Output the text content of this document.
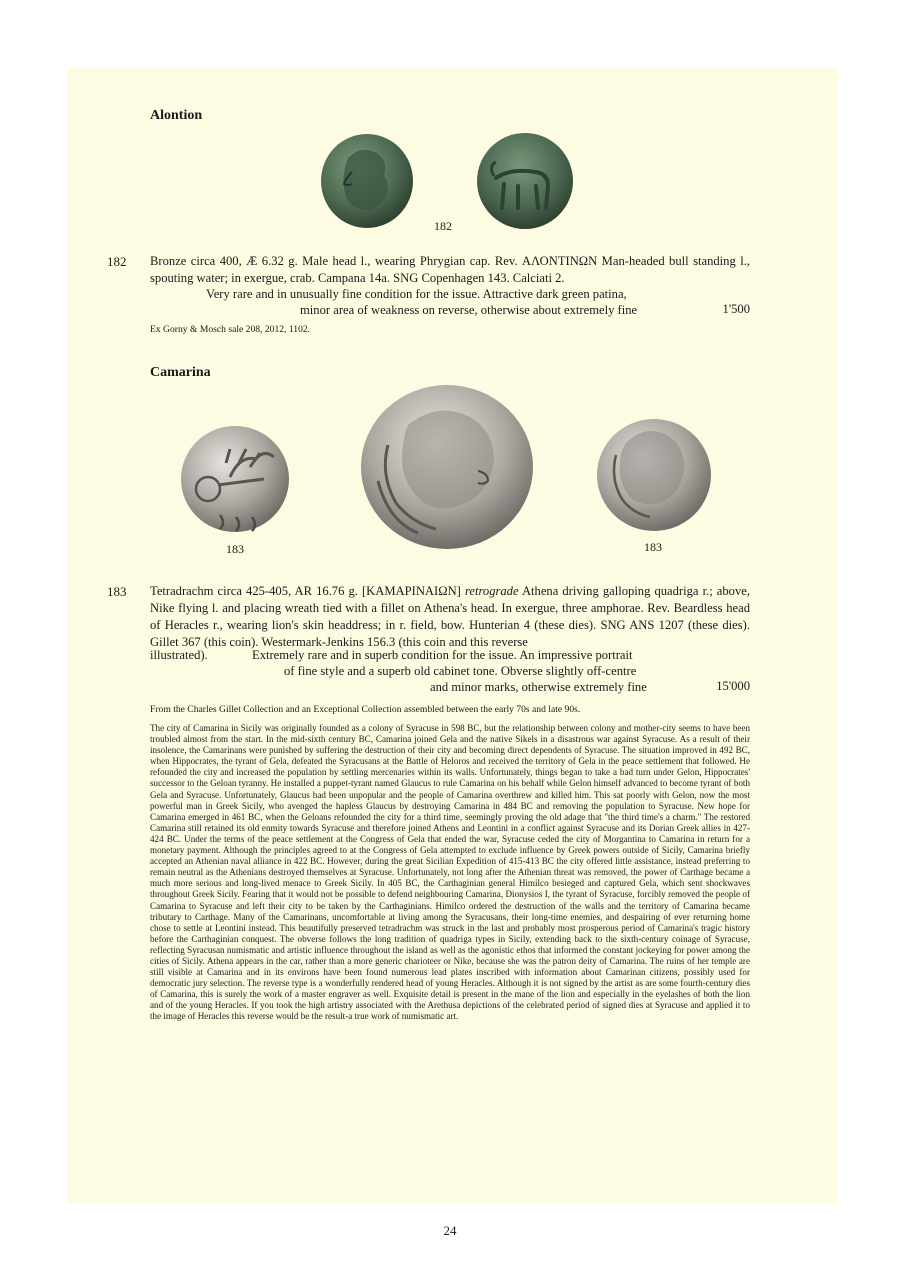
Alontion
182
182 Bronze circa 400, Æ 6.32 g. Male head l., wearing Phrygian cap. Rev. ΑΛΟΝΤΙΝΩΝ Man-headed bull standing l., spouting water; in exergue, crab. Campana 14a. SNG Copenhagen 143. Calciati 2.
Very rare and in unusually fine condition for the issue. Attractive dark green patina,
minor area of weakness on reverse, otherwise about extremely fine	1'500
Ex Gorny & Mosch sale 208, 2012, 1102.
Camarina
183	183
183 Tetradrachm circa 425-405, AR 16.76 g. [ΚΑΜΑΡΙΝΑΙΩΝ] retrograde Athena driving galloping quadriga r.; above, Nike flying l. and placing wreath tied with a fillet on Athena's head. In exergue, three amphorae. Rev. Beardless head of Heracles r., wearing lion's skin headdress; in r. field, bow. Hunterian 4 (these dies). SNG ANS 1207 (these dies). Gillet 367 (this coin). Westermark-Jenkins 156.3 (this coin and this reverse
illustrated).	Extremely rare and in superb condition for the issue. An impressive portrait
of fine style and a superb old cabinet tone. Obverse slightly off-centre
and minor marks, otherwise extremely fine	15'000
From the Charles Gillet Collection and an Exceptional Collection assembled between the early 70s and late 90s.
The city of Camarina in Sicily was originally founded as a colony of Syracuse in 598 BC, but the relationship between colony and mother-city seems to have been troubled almost from the start. In the mid-sixth century BC, Camarina joined Gela and the native Sikels in a disastrous war against Syracuse. As a result of their insolence, the Camarinans were punished by suffering the destruction of their city and becoming direct dependents of Syracuse. The situation improved in 492 BC, when Hippocrates, the tyrant of Gela, defeated the Syracusans at the Battle of Heloros and received the territory of Gela in the peace settlement that followed. He refounded the city and increased the population by settling mercenaries within its walls. Unfortunately, things began to take a bad turn under Gelon, Hippocrates' successor to the Geloan tyranny. He installed a puppet-tyrant named Glaucus to rule Camarina on his behalf while Gelon himself advanced to become tyrant of both Gela and Syracuse. Unfortunately, Glaucus had been unpopular and the people of Camarina overthrew and killed him. This sat poorly with Gelon, now the most powerful man in Greek Sicily, who avenged the hapless Glaucus by destroying Camarina in 484 BC and removing the population to Syracuse. New hope for Camarina emerged in 461 BC, when the Geloans refounded the city for a third time, seemingly proving the old adage that "the third time's a charm." The restored Camarina still retained its old enmity towards Syracuse and therefore joined Athens and Leontini in a conflict against Syracuse and its Dorian Greek allies in 427-424 BC. Under the terms of the peace settlement at the Congress of Gela that ended the war, Syracuse ceded the city of Morgantina to Camarina in return for a monetary payment. Although the principles agreed to at the Congress of Gela attempted to exclude influence by Greek powers outside of Sicily, Camarina briefly accepted an Athenian naval alliance in 422 BC. However, during the great Sicilian Expedition of 415-413 BC the city offered little assistance, instead preferring to remain neutral as the Athenians destroyed themselves at Syracuse. Unfortunately, not long after the Athenian threat was removed, the power of Carthage became a much more serious and long-lived menace to Greek Sicily. In 405 BC, the Carthaginian general Himilco besieged and captured Gela, which sent shockwaves throughout Greek Sicily. Fearing that it would not be possible to defend neighbouring Camarina, Dionysios I, the tyrant of Syracuse, forcibly removed the people of Camarina to Syracuse and left their city to be taken by the Carthaginians. Himilco ordered the destruction of the walls and the territory of Camarina became tributary to Carthage. Many of the Camarinans, uncomfortable at living among the Syracusans, their long-time enemies, and despairing of ever returning home chose to settle at Leontini instead. This beautifully preserved tetradrachm was struck in the last and probably most prosperous period of Camarina's tragic history before the Carthaginian conquest. The obverse follows the long tradition of quadriga types in Sicily, extending back to the sixth-century coinage of Syracuse, reflecting Syracusan numismatic and artistic influence throughout the island as well as the agonistic ethos that informed the constant jockeying for power among the cities of Sicily. Athena appears in the car, rather than a more generic charioteer or Nike, because she was the patron deity of Camarina. The ruins of her temple are still visible at Camarina and in its environs have been found numerous lead plates inscribed with information about Camarinan citizens, possibly used for democratic jury selection. The reverse type is a wonderfully rendered head of young Heracles. Although it is not signed by the artist as are some fourth-century dies of Camarina, this is surely the work of a master engraver as well. Exquisite detail is present in the mane of the lion and especially in the eyelashes of both the lion and of the young Heracles. If you took the high artistry associated with the Arethusa depictions of the celebrated period of signed dies at Syracuse and applied it to the image of Heracles this reverse would be the result-a true work of numismatic art.
24
